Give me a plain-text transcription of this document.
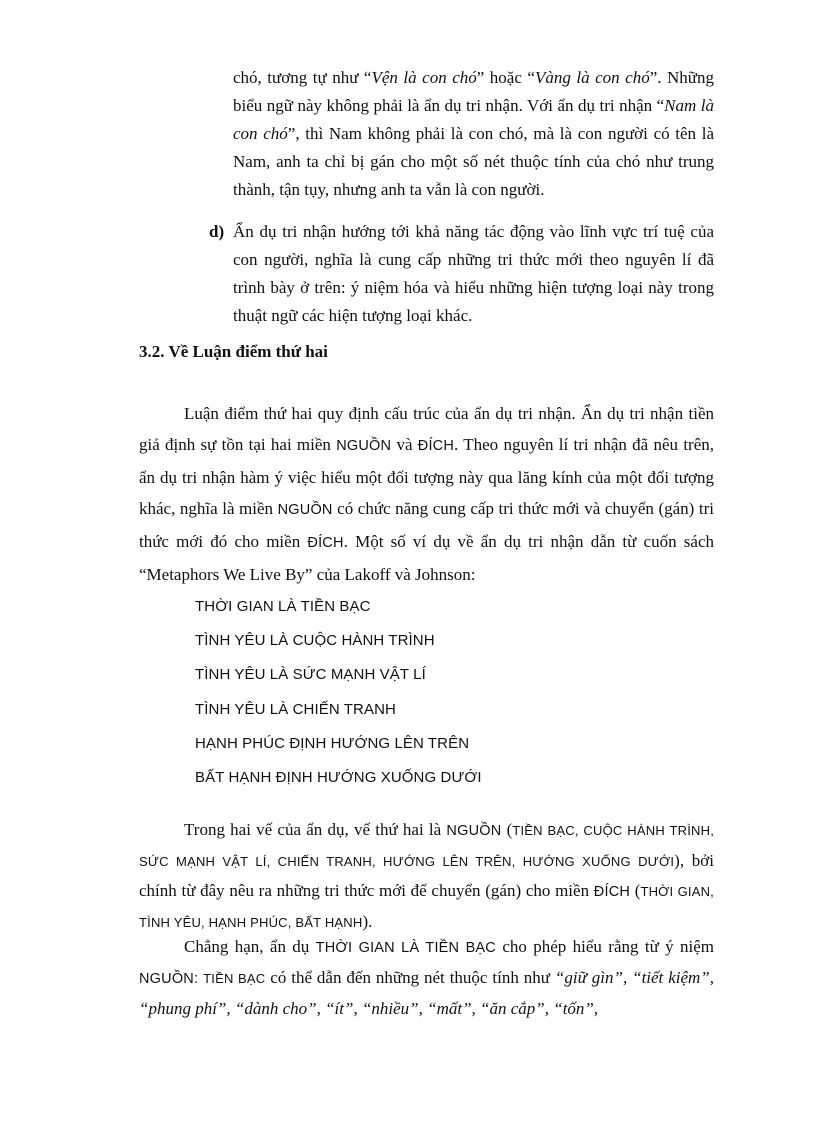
chó, tương tự như “Vện là con chó” hoặc “Vàng là con chó”. Những biểu ngữ này không phải là ẩn dụ tri nhận. Với ẩn dụ tri nhận “Nam là con chó”, thì Nam không phải là con chó, mà là con người có tên là Nam, anh ta chỉ bị gán cho một số nét thuộc tính của chó như trung thành, tận tụy, nhưng anh ta vẫn là con người.
d) Ẩn dụ tri nhận hướng tới khả năng tác động vào lĩnh vực trí tuệ của con người, nghĩa là cung cấp những tri thức mới theo nguyên lí đã trình bày ở trên: ý niệm hóa và hiểu những hiện tượng loại này trong thuật ngữ các hiện tượng loại khác.
3.2. Về Luận điểm thứ hai
Luận điểm thứ hai quy định cấu trúc của ẩn dụ tri nhận. Ẩn dụ tri nhận tiền giả định sự tồn tại hai miền NGUỒN và ĐÍCH. Theo nguyên lí tri nhận đã nêu trên, ẩn dụ tri nhận hàm ý việc hiểu một đối tượng này qua lăng kính của một đối tượng khác, nghĩa là miền NGUỒN có chức năng cung cấp tri thức mới và chuyển (gán) tri thức mới đó cho miền ĐÍCH. Một số ví dụ về ẩn dụ tri nhận dẫn từ cuốn sách “Metaphors We Live By” của Lakoff và Johnson:
THỜI GIAN LÀ TIỀN BẠC
TÌNH YÊU LÀ CUỘC HÀNH TRÌNH
TÌNH YÊU LÀ SỨC MẠNH VẬT LÍ
TÌNH YÊU LÀ CHIẾN TRANH
HẠNH PHÚC ĐỊNH HƯỚNG LÊN TRÊN
BẤT HẠNH ĐỊNH HƯỚNG XUỐNG DƯỚI
Trong hai vế của ẩn dụ, vế thứ hai là NGUỒN (TIỀN BẠC, CUỘC HÀNH TRÌNH, SỨC MẠNH VẬT LÍ, CHIẾN TRANH, HƯỚNG LÊN TRÊN, HƯỚNG XUỐNG DƯỚI), bởi chính từ đây nêu ra những tri thức mới để chuyển (gán) cho miền ĐÍCH (THỜI GIAN, TÌNH YÊU, HẠNH PHÚC, BẤT HẠNH).
Chẳng hạn, ẩn dụ THỜI GIAN LÀ TIỀN BẠC cho phép hiểu rằng từ ý niệm NGUỒN: TIỀN BẠC có thể dẫn đến những nét thuộc tính như “giữ gìn”, “tiết kiệm”, “phung phí”, “dành cho”, “ít”, “nhiều”, “mất”, “ăn cắp”, “tốn”,
